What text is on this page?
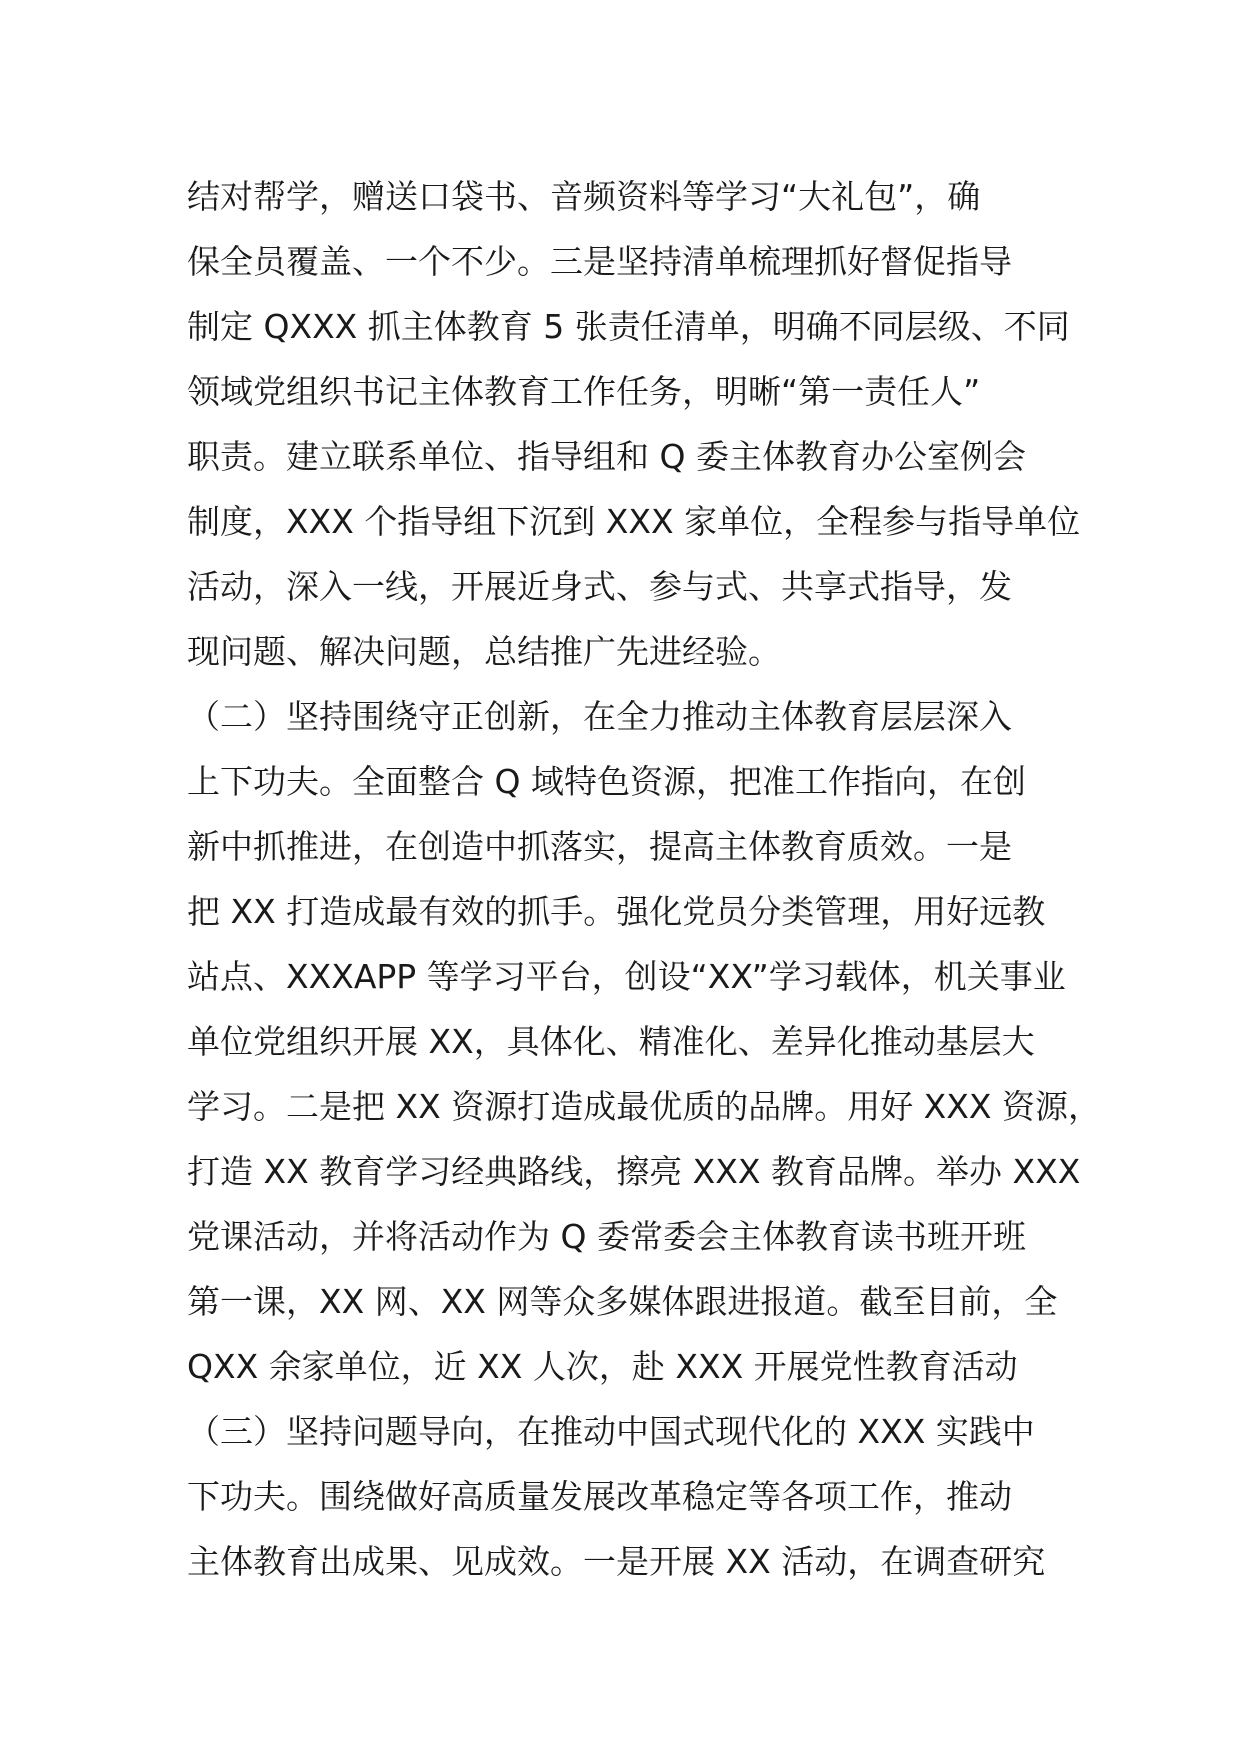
结对帮学，赠送口袋书、音频资料等学习“大礼包”，确
保全员覆盖、一个不少。三是坚持清单梳理抓好督促指导
制定 QXXX 抓主体教育 5 张责任清单，明确不同层级、不同
领域党组织书记主体教育工作任务，明晰“第一责任人”
职责。建立联系单位、指导组和 Q 委主体教育办公室例会
制度，XXX 个指导组下沉到 XXX 家单位，全程参与指导单位
活动，深入一线，开展近身式、参与式、共享式指导，发
现问题、解决问题，总结推广先进经验。
（二）坚持围绕守正创新，在全力推动主体教育层层深入
上下功夫。全面整合 Q 域特色资源，把准工作指向，在创
新中抓推进，在创造中抓落实，提高主体教育质效。一是
把 XX 打造成最有效的抓手。强化党员分类管理，用好远教
站点、XXXAPP 等学习平台，创设“XX”学习载体，机关事业
单位党组织开展 XX，具体化、精准化、差异化推动基层大
学习。二是把 XX 资源打造成最优质的品牌。用好 XXX 资源，
打造 XX 教育学习经典路线，擦亮 XXX 教育品牌。举办 XXX
党课活动，并将活动作为 Q 委常委会主体教育读书班开班
第一课，XX 网、XX 网等众多媒体跟进报道。截至目前，全
QXX 余家单位，近 XX 人次，赴 XXX 开展党性教育活动
（三）坚持问题导向，在推动中国式现代化的 XXX 实践中
下功夫。围绕做好高质量发展改革稳定等各项工作，推动
主体教育出成果、见成效。一是开展 XX 活动，在调查研究
